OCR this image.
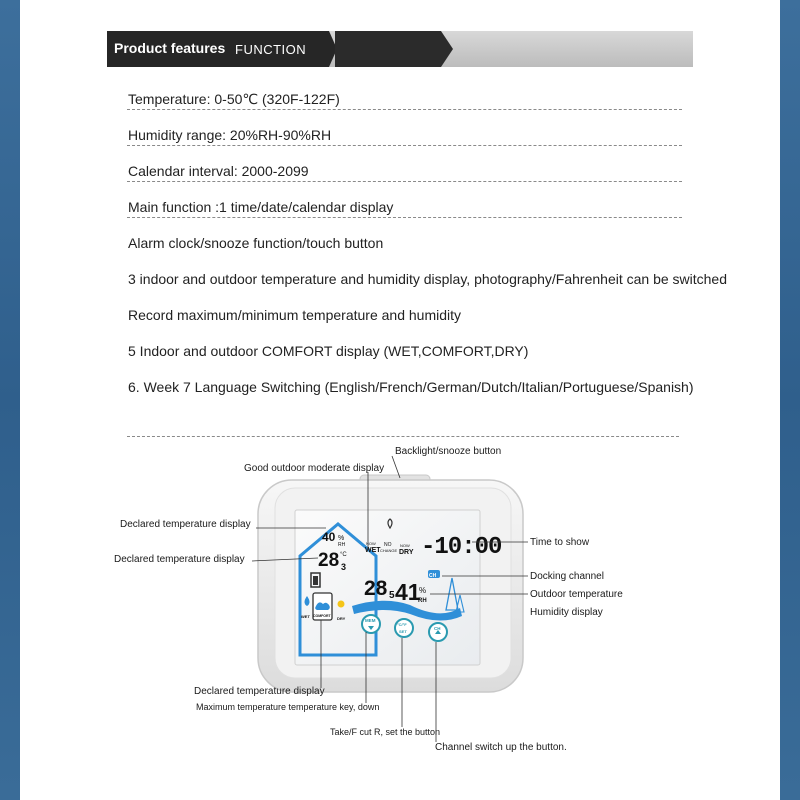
Product features FUNCTION
Temperature: 0-50℃ (320F-122F)
Humidity range: 20%RH-90%RH
Calendar interval: 2000-2099
Main function :1 time/date/calendar display
Alarm clock/snooze function/touch button
3 indoor and outdoor temperature and humidity display, photography/Fahrenheit can be switched
Record maximum/minimum temperature and humidity
5 Indoor and outdoor COMFORT display (WET,COMFORT,DRY)
6. Week 7 Language Switching (English/French/German/Dutch/Italian/Portuguese/Spanish)
40 %
RH
28 3
°C
NOW
WET
NO
CHANGE
NOW
DRY -10:00
CH
28 5 41
%
RH
WET COMFORT DRY	MEM
°C/°F
SET
CH
Backlight/snooze button
Good outdoor moderate display
Declared temperature display
Declared temperature display
Time to show
Docking channel
Outdoor temperature
Humidity display
Declared temperature display
Maximum temperature temperature key, down
Take/F cut R, set the button
Channel switch up the button.
